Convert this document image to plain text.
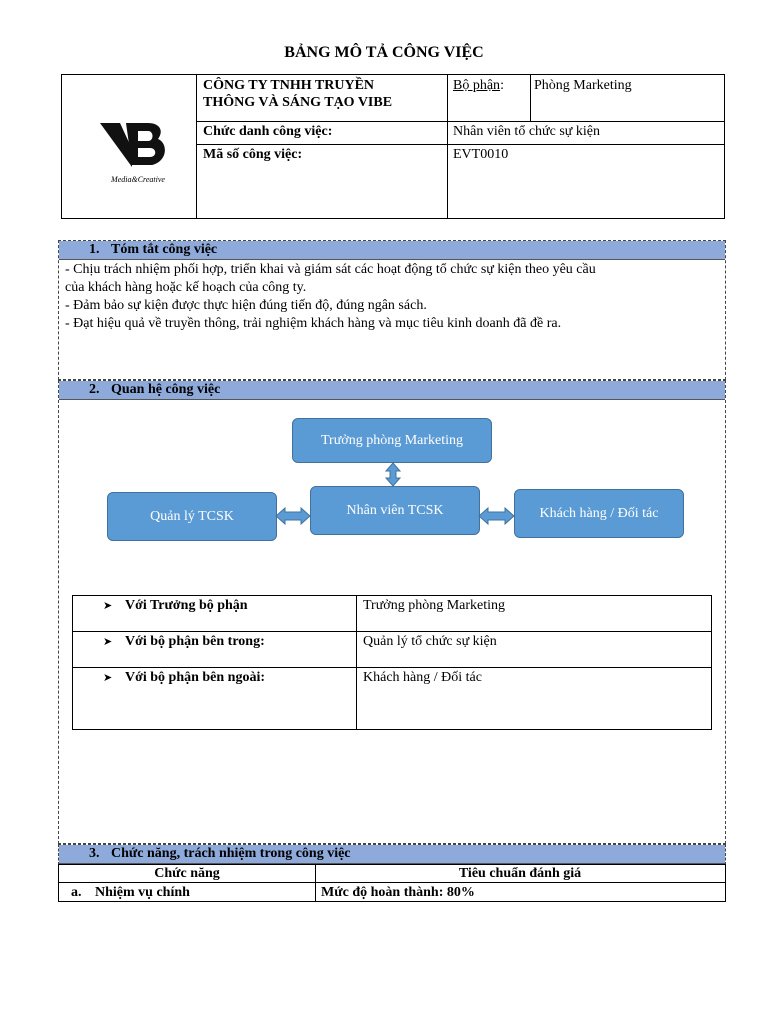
BẢNG MÔ TẢ CÔNG VIỆC
Media&Creative
CÔNG TY TNHH TRUYỀN
THÔNG VÀ SÁNG TẠO VIBE
Bộ phận: Phòng Marketing
Chức danh công việc:	Nhân viên tổ chức sự kiện
Mã số công việc:	EVT0010
1. Tóm tắt công việc
- Chịu trách nhiệm phối hợp, triển khai và giám sát các hoạt động tổ chức sự kiện theo yêu cầu
của khách hàng hoặc kế hoạch của công ty.
- Đảm bảo sự kiện được thực hiện đúng tiến độ, đúng ngân sách.
- Đạt hiệu quả về truyền thông, trải nghiệm khách hàng và mục tiêu kinh doanh đã đề ra.
2. Quan hệ công việc
Trưởng phòng Marketing
Nhân viên TCSK
Quản lý TCSK	Khách hàng / Đối tác
➤ Với Trưởng bộ phận	Trưởng phòng Marketing
➤ Với bộ phận bên trong:	Quản lý tổ chức sự kiện
➤ Với bộ phận bên ngoài:	Khách hàng / Đối tác
3. Chức năng, trách nhiệm trong công việc
Chức năng	Tiêu chuẩn đánh giá
a. Nhiệm vụ chính	Mức độ hoàn thành: 80%
